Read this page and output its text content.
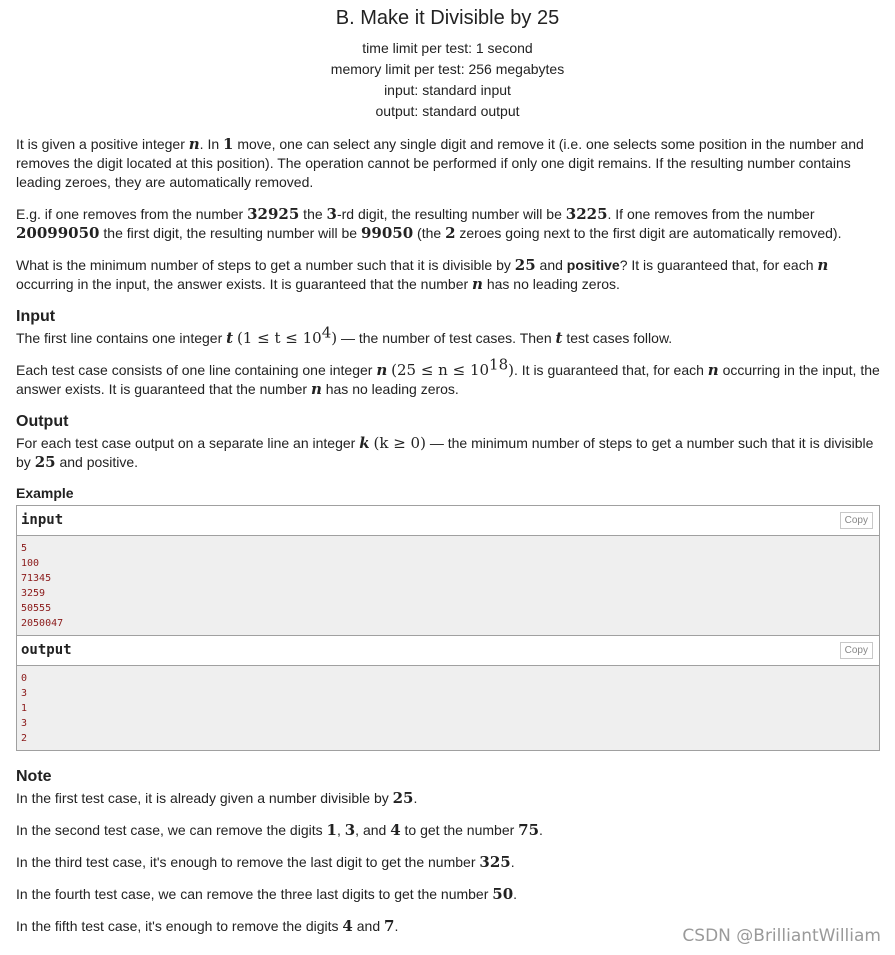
B. Make it Divisible by 25
time limit per test: 1 second
memory limit per test: 256 megabytes
input: standard input
output: standard output

It is given a positive integer n. In 1 move, one can select any single digit and remove it (i.e. one selects some position in the number and removes the digit located at this position). The operation cannot be performed if only one digit remains. If the resulting number contains leading zeroes, they are automatically removed.

E.g. if one removes from the number 32925 the 3-rd digit, the resulting number will be 3225. If one removes from the number 20099050 the first digit, the resulting number will be 99050 (the 2 zeroes going next to the first digit are automatically removed).

What is the minimum number of steps to get a number such that it is divisible by 25 and positive? It is guaranteed that, for each n occurring in the input, the answer exists. It is guaranteed that the number n has no leading zeros.

Input

The first line contains one integer t $(1 \le t \le 10^4)$ — the number of test cases. Then t test cases follow.

Each test case consists of one line containing one integer n $(25 \le n \le 10^{18})$. It is guaranteed that, for each n occurring in the input, the answer exists. It is guaranteed that the number n has no leading zeros.

Output

For each test case output on a separate line an integer k (k ≥ 0) — the minimum number of steps to get a number such that it is divisible by 25 and positive.

Example
input	Copy
5
100
71345
3259
50555
2050047
output	Copy
0
3
1
3
2
Note

In the first test case, it is already given a number divisible by 25.

In the second test case, we can remove the digits 1, 3, and 4 to get the number 75.

In the third test case, it's enough to remove the last digit to get the number 325.

In the fourth test case, we can remove the three last digits to get the number 50.

In the fifth test case, it's enough to remove the digits 4 and 7.	CSDN @BrilliantWilliam
